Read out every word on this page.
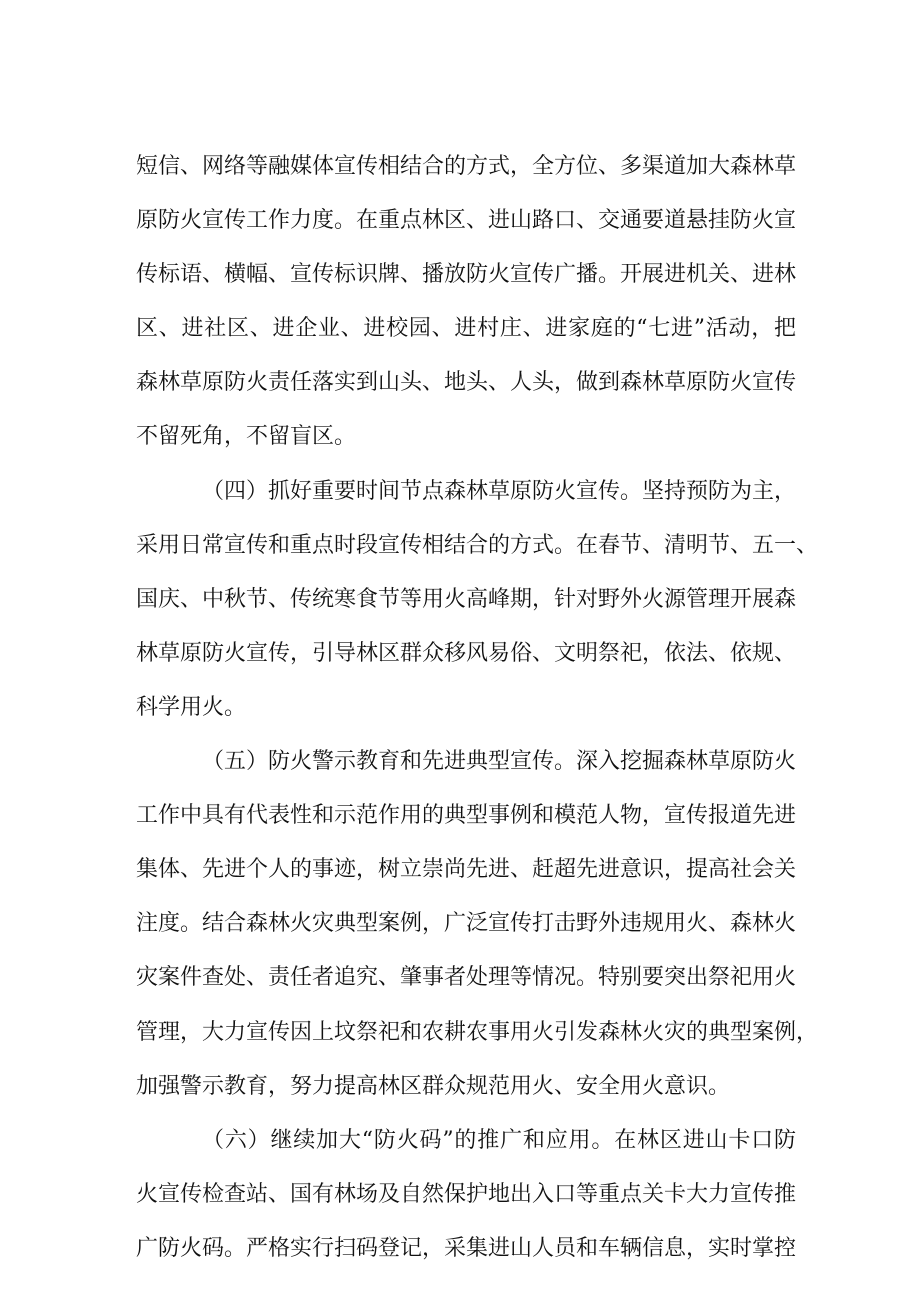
短信、网络等融媒体宣传相结合的方式，全方位、多渠道加大森林草
原防火宣传工作力度。在重点林区、进山路口、交通要道悬挂防火宣
传标语、横幅、宣传标识牌、播放防火宣传广播。开展进机关、进林
区、进社区、进企业、进校园、进村庄、进家庭的“七进”活动，把
森林草原防火责任落实到山头、地头、人头，做到森林草原防火宣传
不留死角，不留盲区。
（四）抓好重要时间节点森林草原防火宣传。坚持预防为主，
采用日常宣传和重点时段宣传相结合的方式。在春节、清明节、五一、
国庆、中秋节、传统寒食节等用火高峰期，针对野外火源管理开展森
林草原防火宣传，引导林区群众移风易俗、文明祭祀，依法、依规、
科学用火。
（五）防火警示教育和先进典型宣传。深入挖掘森林草原防火
工作中具有代表性和示范作用的典型事例和模范人物，宣传报道先进
集体、先进个人的事迹，树立崇尚先进、赶超先进意识，提高社会关
注度。结合森林火灾典型案例，广泛宣传打击野外违规用火、森林火
灾案件查处、责任者追究、肇事者处理等情况。特别要突出祭祀用火
管理，大力宣传因上坟祭祀和农耕农事用火引发森林火灾的典型案例，
加强警示教育，努力提高林区群众规范用火、安全用火意识。
（六）继续加大“防火码”的推广和应用。在林区进山卡口防
火宣传检查站、国有林场及自然保护地出入口等重点关卡大力宣传推
广防火码。严格实行扫码登记，采集进山人员和车辆信息，实时掌控
